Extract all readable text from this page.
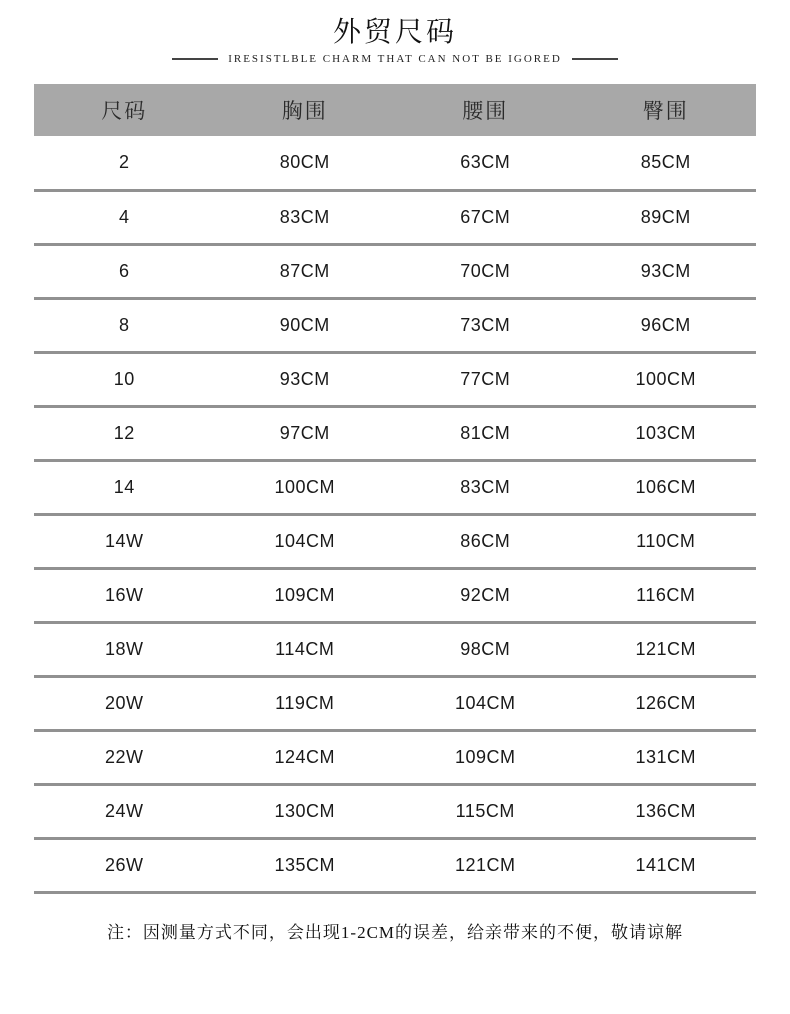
外贸尺码
IRESISTLBLE CHARM THAT CAN NOT BE IGORED
尺码	胸围	腰围	臀围
2	80CM	63CM	85CM
4	83CM	67CM	89CM
6	87CM	70CM	93CM
8	90CM	73CM	96CM
10	93CM	77CM	100CM
12	97CM	81CM	103CM
14	100CM	83CM	106CM
14W	104CM	86CM	110CM
16W	109CM	92CM	116CM
18W	114CM	98CM	121CM
20W	119CM	104CM	126CM
22W	124CM	109CM	131CM
24W	130CM	115CM	136CM
26W	135CM	121CM	141CM
注：因测量方式不同，会出现1-2CM的误差，给亲带来的不便，敬请谅解
